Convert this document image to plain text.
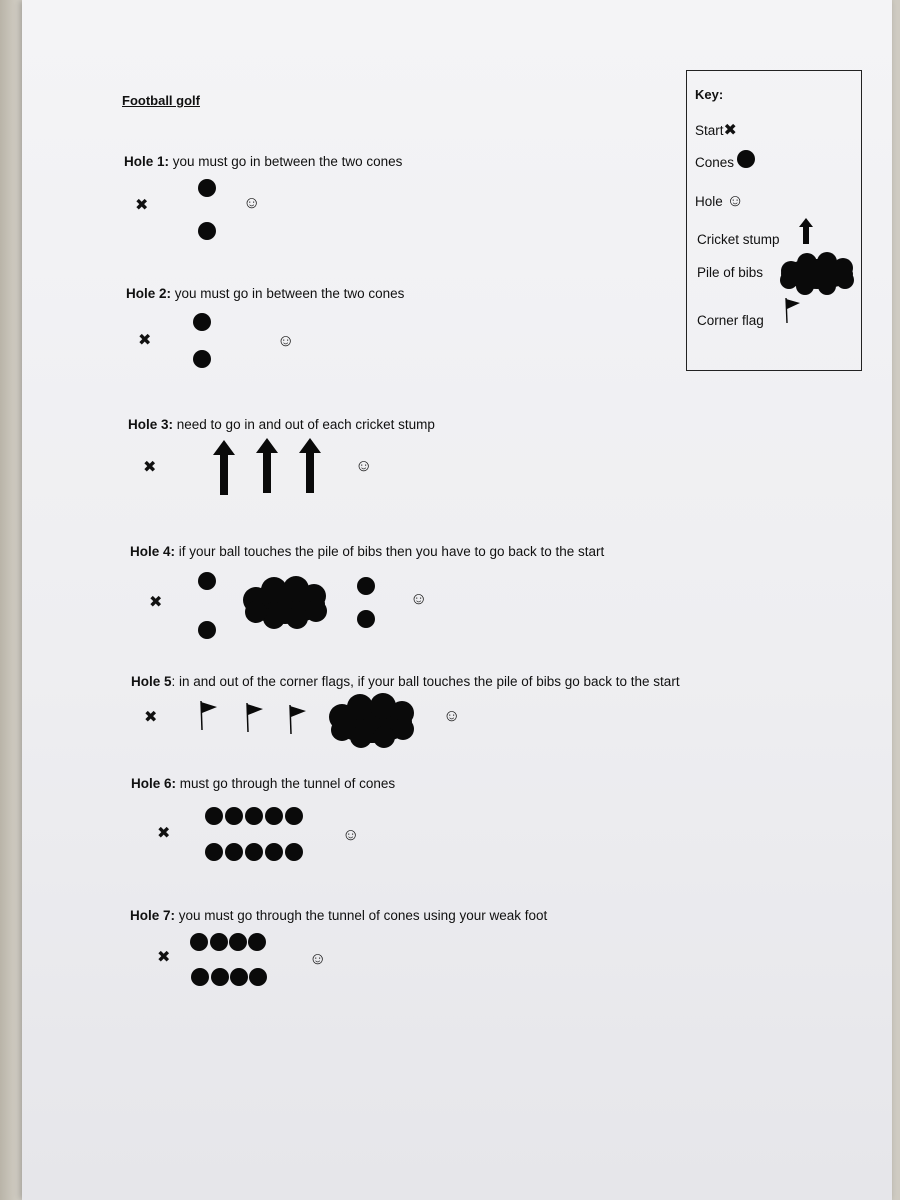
Football golf	Key:
Start✖
Cones
Hole ☺
Cricket stump
Pile of bibs
Corner flag
Hole 1: you must go in between the two cones
✖	☺
Hole 2: you must go in between the two cones
✖	☺
Hole 3: need to go in and out of each cricket stump
✖	☺
Hole 4: if your ball touches the pile of bibs then you have to go back to the start
✖	☺
Hole 5: in and out of the corner flags, if your ball touches the pile of bibs go back to the start
✖	☺
Hole 6: must go through the tunnel of cones
✖	☺
Hole 7: you must go through the tunnel of cones using your weak foot
✖	☺
